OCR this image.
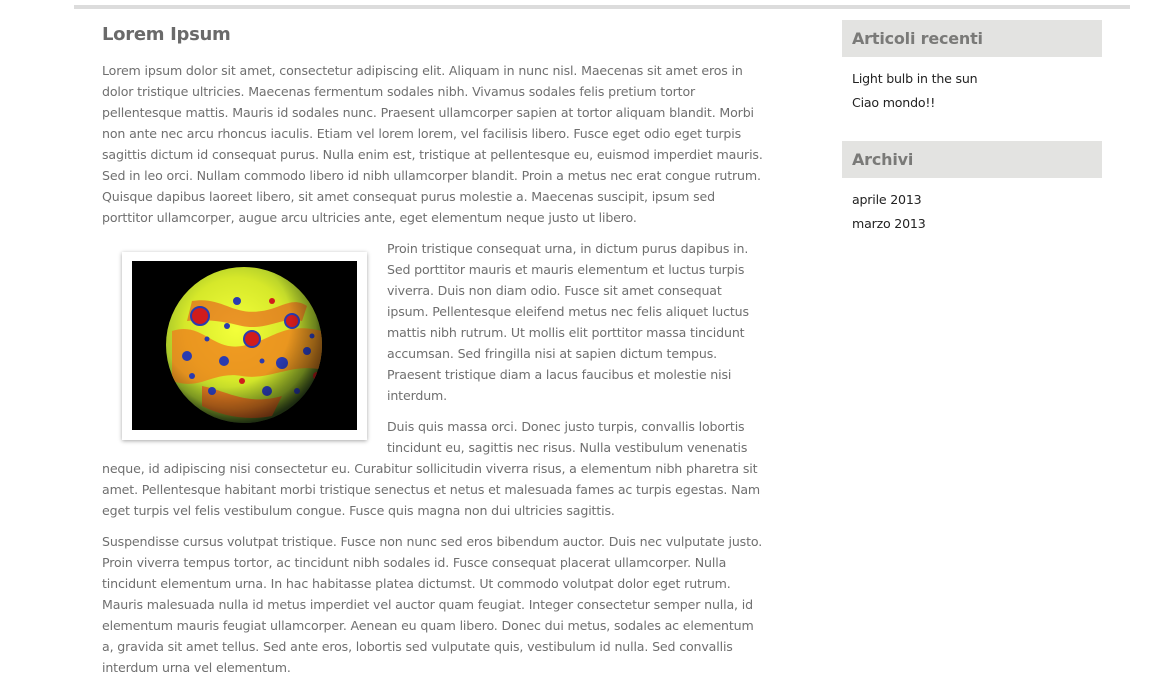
Lorem Ipsum

Lorem ipsum dolor sit amet, consectetur adipiscing elit. Aliquam in nunc nisl. Maecenas sit amet eros in dolor tristique ultricies. Maecenas fermentum sodales nibh. Vivamus sodales felis pretium tortor pellentesque mattis. Mauris id sodales nunc. Praesent ullamcorper sapien at tortor aliquam blandit. Morbi non ante nec arcu rhoncus iaculis. Etiam vel lorem lorem, vel facilisis libero. Fusce eget odio eget turpis sagittis dictum id consequat purus. Nulla enim est, tristique at pellentesque eu, euismod imperdiet mauris. Sed in leo orci. Nullam commodo libero id nibh ullamcorper blandit. Proin a metus nec erat congue rutrum. Quisque dapibus laoreet libero, sit amet consequat purus molestie a. Maecenas suscipit, ipsum sed porttitor ullamcorper, augue arcu ultricies ante, eget elementum neque justo ut libero.

Proin tristique consequat urna, in dictum purus dapibus in. Sed porttitor mauris et mauris elementum et luctus turpis viverra. Duis non diam odio. Fusce sit amet consequat ipsum. Pellentesque eleifend metus nec felis aliquet luctus mattis nibh rutrum. Ut mollis elit porttitor massa tincidunt accumsan. Sed fringilla nisi at sapien dictum tempus. Praesent tristique diam a lacus faucibus et molestie nisi interdum.

Duis quis massa orci. Donec justo turpis, convallis lobortis tincidunt eu, sagittis nec risus. Nulla vestibulum venenatis neque, id adipiscing nisi consectetur eu. Curabitur sollicitudin viverra risus, a elementum nibh pharetra sit amet. Pellentesque habitant morbi tristique senectus et netus et malesuada fames ac turpis egestas. Nam eget turpis vel felis vestibulum congue. Fusce quis magna non dui ultricies sagittis.

Suspendisse cursus volutpat tristique. Fusce non nunc sed eros bibendum auctor. Duis nec vulputate justo. Proin viverra tempus tortor, ac tincidunt nibh sodales id. Fusce consequat placerat ullamcorper. Nulla tincidunt elementum urna. In hac habitasse platea dictumst. Ut commodo volutpat dolor eget rutrum. Mauris malesuada nulla id metus imperdiet vel auctor quam feugiat. Integer consectetur semper nulla, id elementum mauris feugiat ullamcorper. Aenean eu quam libero. Donec dui metus, sodales ac elementum a, gravida sit amet tellus. Sed ante eros, lobortis sed vulputate quis, vestibulum id nulla. Sed convallis interdum urna vel elementum.

Articoli recenti
Light bulb in the sun
Ciao mondo!!
Archivi
aprile 2013
marzo 2013
